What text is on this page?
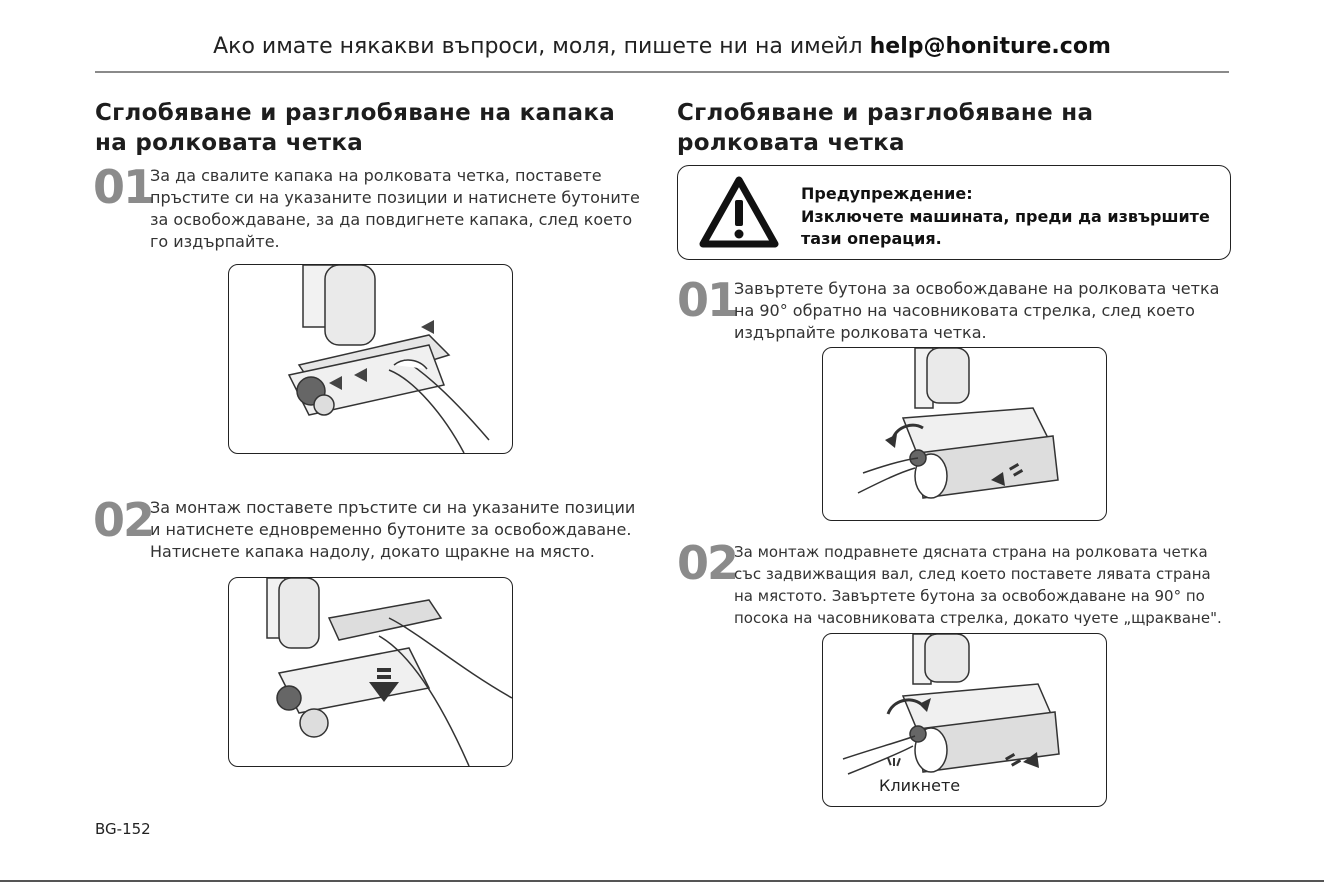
Ако имате някакви въпроси, моля, пишете ни на имейл help@honiture.com
Сглобяване и разглобяване на капака на ролковата четка
01
За да свалите капака на ролковата четка, поставете пръстите си на указаните позиции и натиснете бутоните за освобождаване, за да повдигнете капака, след което го издърпайте.
02
За монтаж поставете пръстите си на указаните позиции и натиснете едновременно бутоните за освобождаване. Натиснете капака надолу, докато щракне на място.
Сглобяване и разглобяване на ролковата четка
Предупреждение:
Изключете машината, преди да извършите тази операция.
01
Завъртете бутона за освобождаване на ролковата четка на 90° обратно на часовниковата стрелка, след което издърпайте ролковата четка.
02
За монтаж подравнете дясната страна на ролковата четка със задвижващия вал, след което поставете лявата страна на мястото. Завъртете бутона за освобождаване на 90° по посока на часовниковата стрелка, докато чуете „щракване".
Кликнете
BG-152
